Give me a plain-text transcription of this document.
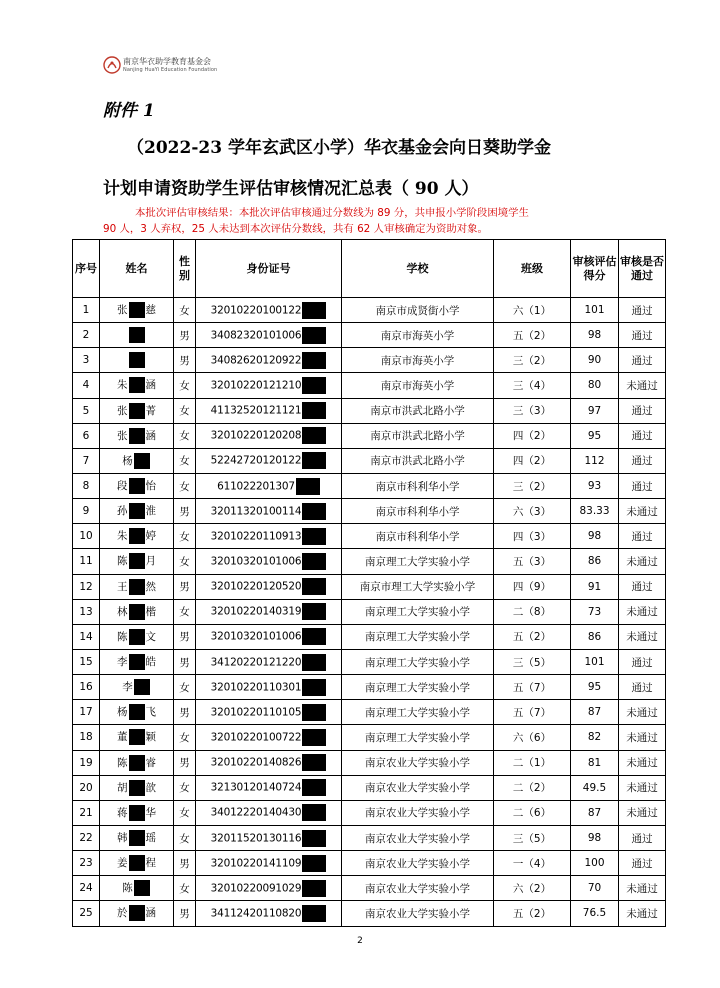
南京华衣助学教育基金会
Nanjing HuaYi Education Foundation
附件 1
（2022-23 学年玄武区小学）华衣基金会向日葵助学金
计划申请资助学生评估审核情况汇总表（ 90 人）
本批次评估审核结果：本批次评估审核通过分数线为 89 分，共申报小学阶段困境学生
90 人，3 人弃权，25 人未达到本次评估分数线，共有 62 人审核确定为资助对象。
序号	姓名	性别	身份证号	学校	班级	审核评估得分	审核是否通过
1	张 慈	女	32010220100122	南京市成贤街小学	六（1）	101	通过
2		男	34082320101006	南京市海英小学	五（2）	98	通过
3		男	34082620120922	南京市海英小学	三（2）	90	通过
4	朱 涵	女	32010220121210	南京市海英小学	三（4）	80	未通过
5	张 菁	女	41132520121121	南京市洪武北路小学	三（3）	97	通过
6	张 涵	女	32010220120208	南京市洪武北路小学	四（2）	95	通过
7	杨	女	52242720120122	南京市洪武北路小学	四（2）	112	通过
8	段 怡	女	611022201307	南京市科利华小学	三（2）	93	通过
9	孙 淮	男	32011320100114	南京市科利华小学	六（3）	83.33	未通过
10	朱 婷	女	32010220110913	南京市科利华小学	四（3）	98	通过
11	陈 月	女	32010320101006	南京理工大学实验小学	五（3）	86	未通过
12	王 然	男	32010220120520	南京市理工大学实验小学	四（9）	91	通过
13	林 楷	女	32010220140319	南京理工大学实验小学	二（8）	73	未通过
14	陈 文	男	32010320101006	南京理工大学实验小学	五（2）	86	未通过
15	李 皓	男	34120220121220	南京理工大学实验小学	三（5）	101	通过
16	李	女	32010220110301	南京理工大学实验小学	五（7）	95	通过
17	杨 飞	男	32010220110105	南京理工大学实验小学	五（7）	87	未通过
18	董 颖	女	32010220100722	南京理工大学实验小学	六（6）	82	未通过
19	陈 睿	男	32010220140826	南京农业大学实验小学	二（1）	81	未通过
20	胡 歆	女	32130120140724	南京农业大学实验小学	二（2）	49.5	未通过
21	蒋 华	女	34012220140430	南京农业大学实验小学	二（6）	87	未通过
22	韩 瑶	女	32011520130116	南京农业大学实验小学	三（5）	98	通过
23	姜 程	男	32010220141109	南京农业大学实验小学	一（4）	100	通过
24	陈	女	32010220091029	南京农业大学实验小学	六（2）	70	未通过
25	於 涵	男	34112420110820	南京农业大学实验小学	五（2）	76.5	未通过
2
